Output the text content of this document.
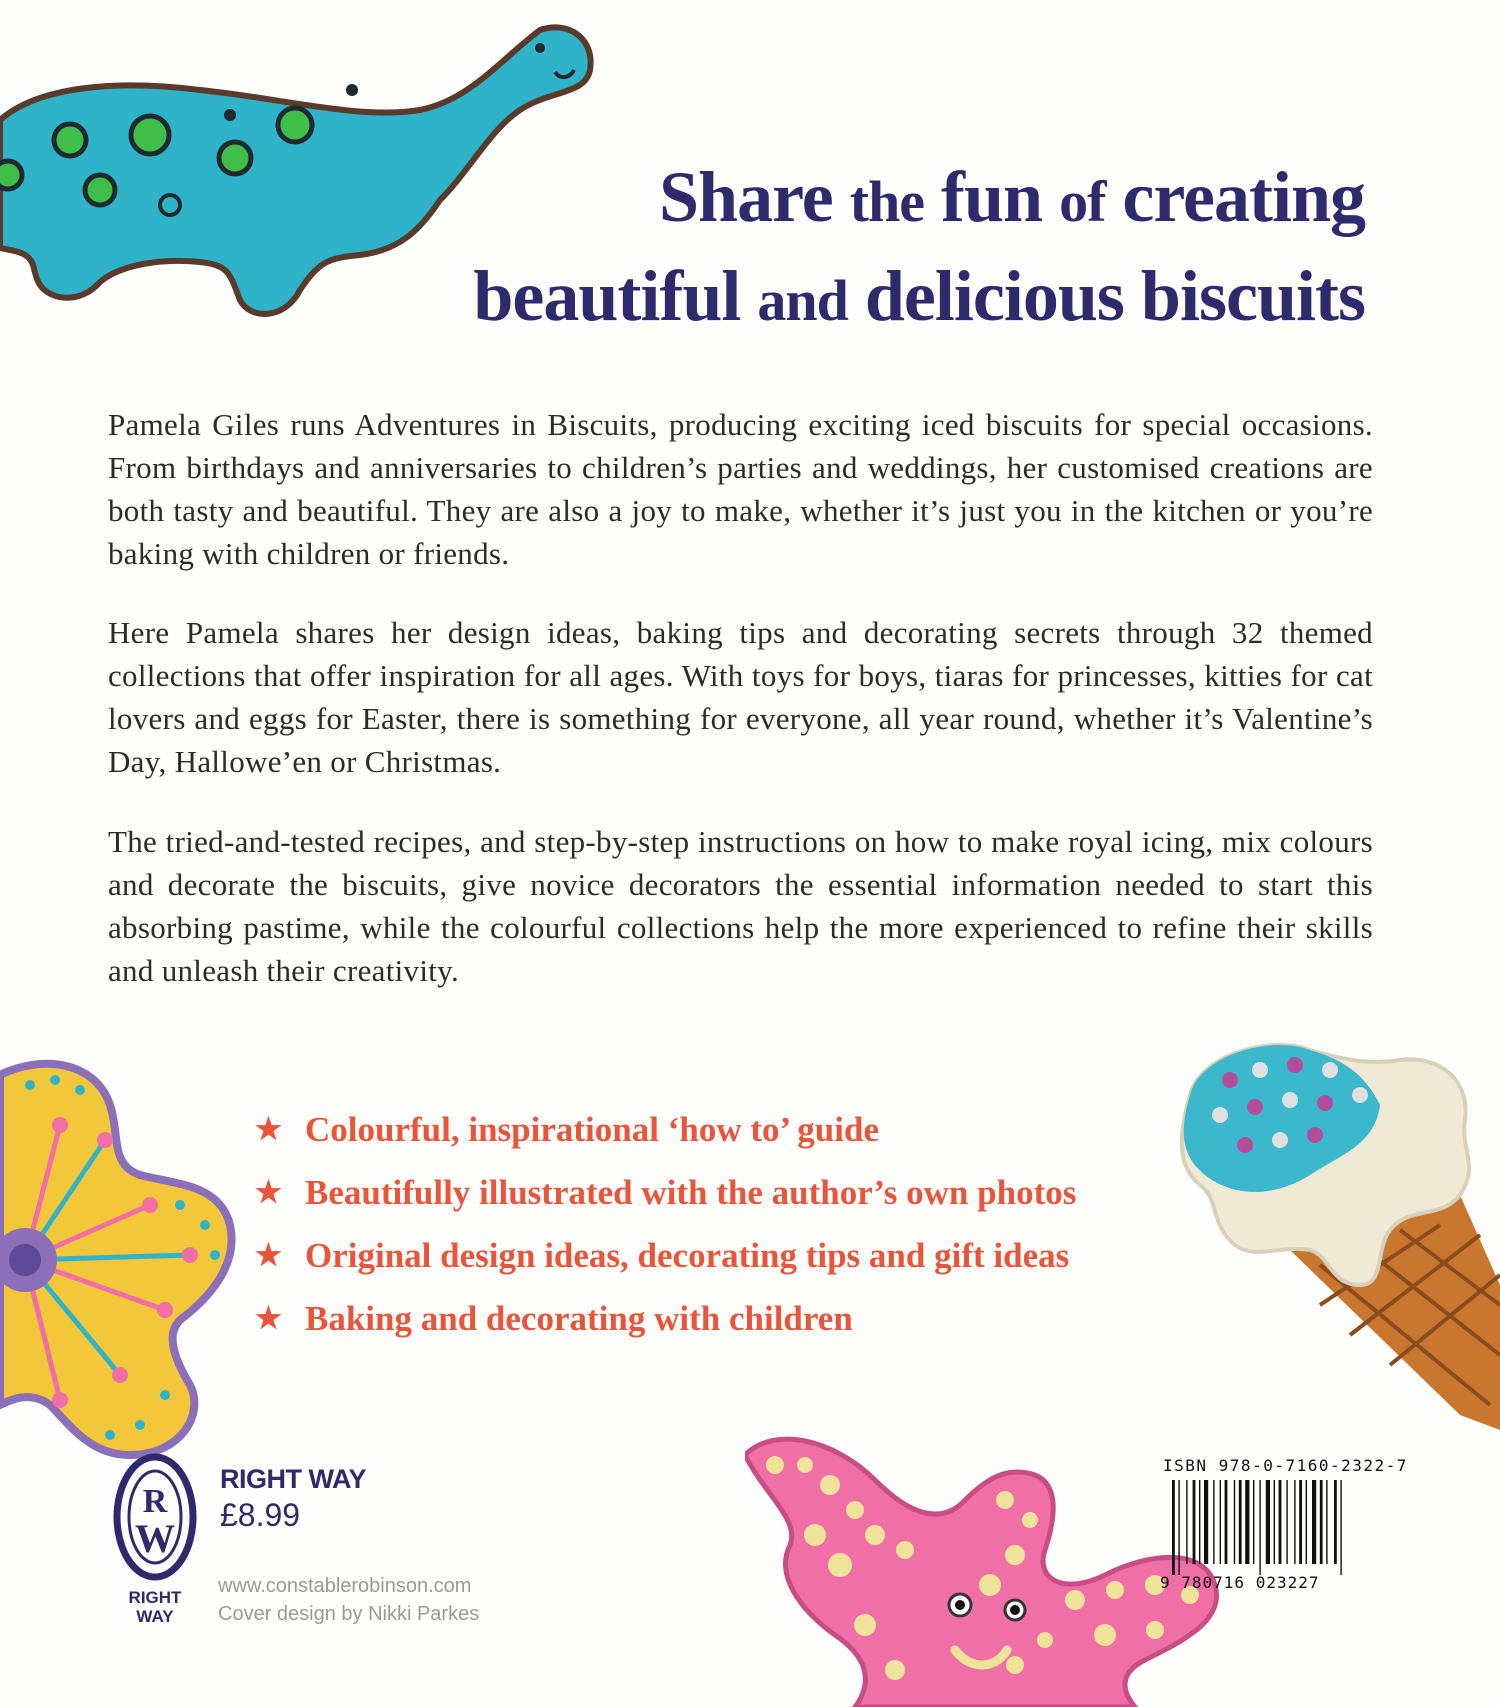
Share the fun of creating
beautiful and delicious biscuits
Pamela Giles runs Adventures in Biscuits, producing exciting iced biscuits for special occasions. From birthdays and anniversaries to children’s parties and weddings, her customised creations are both tasty and beautiful. They are also a joy to make, whether it’s just you in the kitchen or you’re baking with children or friends.
Here Pamela shares her design ideas, baking tips and decorating secrets through 32 themed collections that offer inspiration for all ages. With toys for boys, tiaras for princesses, kitties for cat lovers and eggs for Easter, there is something for everyone, all year round, whether it’s Valentine’s Day, Hallowe’en or Christmas.
The tried-and-tested recipes, and step-by-step instructions on how to make royal icing, mix colours and decorate the biscuits, give novice decorators the essential information needed to start this absorbing pastime, while the colourful collections help the more experienced to refine their skills and unleash their creativity.
★ Colourful, inspirational ‘how to’ guide
★ Beautifully illustrated with the author’s own photos
★ Original design ideas, decorating tips and gift ideas
★ Baking and decorating with children
R
W
RIGHT
WAY
RIGHT WAY
£8.99
www.constablerobinson.com
Cover design by Nikki Parkes
ISBN 978-0-7160-2322-7
9 780716 023227
